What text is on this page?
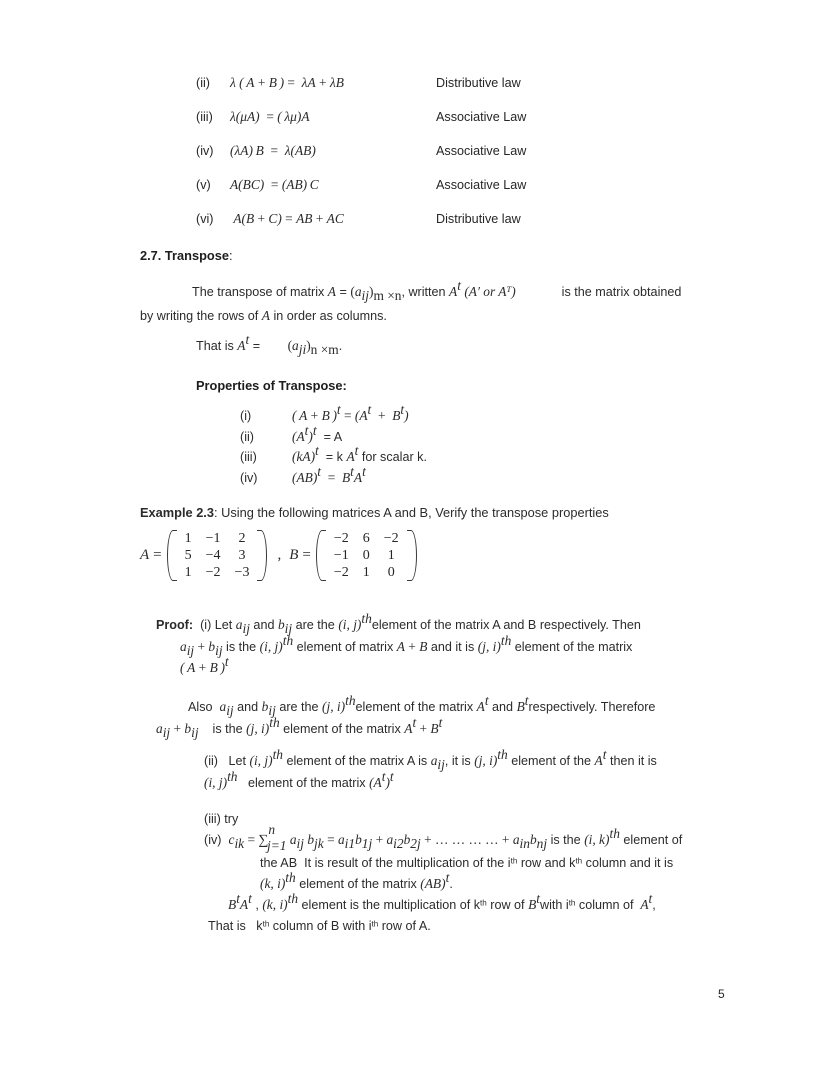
(ii)	λ ( A + B ) =  λA + λB	Distributive law
(iii)	λ(μA)  = ( λμ)A	Associative Law
(iv)	(λA) B  =  λ(AB)	Associative Law
(v)	A(BC)  = (AB) C	Associative Law
(vi)	A(B + C) = AB + AC	Distributive law
2.7. Transpose:
The transpose of matrix $A = (a_{ij})_{m \times n}$, written $A^t$ (A′ or $A^T$)	is the matrix obtained
by writing the rows of A in order as columns.
That is $A^t = (a_{ji})_{n \times m}$.
Properties of Transpose:
(i)	( A + B )$^t = (A^t + B^t)$
(ii)	$(A^t)^t = A$
(iii)	(kA)$^t$  = k $A^t$ for scalar k.
(iv)	$(AB)^t = B^tA^t$
Example 2.3: Using the following matrices A and B, Verify the transpose properties
A =
1	−1	2
5	−4	3
1	−2	−3
, B =
−2	6	−2
−1	0	1
−2	1	0
Proof:  (i) Let $a_{ij}$ and $b_{ij}$ are the (i, j)$^{th}$element of the matrix A and B respectively. Then
$a_{ij} + b_{ij}$ is the (i, j)$^{th}$ element of matrix A + B and it is (j, i)$^{th}$ element of the matrix
( A + B )$^t$
Also  $a_{ij}$ and $b_{ij}$ are the (j, i)$^{th}$element of the matrix $A^t$ and $B^trespectively$. Therefore
$a_{ij} + b_{ij}$    is the (j, i)$^{th}$ element of the matrix $A^t + B^t$
(ii)   Let (i, j)$^{th}$ element of the matrix A is $a_{ij}$, it is (j, i)$^{th}$ element of the $A^t$ then it is
(i, j)$^{th}$   element of the matrix $(A^t)^t$
(iii) try
(iv)  $c_{ik} = \sum^n_{j=1}$ $a_{ij}$ $b_{jk} = a_{i1}b_{1j} + a_{i2}b_{2j}$ + … … … … + $a_{in}b_{nj}$ is the (i, k)$^{th}$ element of
the AB  It is result of the multiplication of the $i^{th}$ row and $k^{th}$ column and it is
(k, i)$^{th}$ element of the matrix (AB)$^t$.
$B^tA^t$ , (k, i)$^{th}$ element is the multiplication of $k^{th}$ row of $B^twith$ $i^{th}$ column of  $A^t$,
That is   $k^{th}$ column of B with $i^{th}$ row of A.
5
